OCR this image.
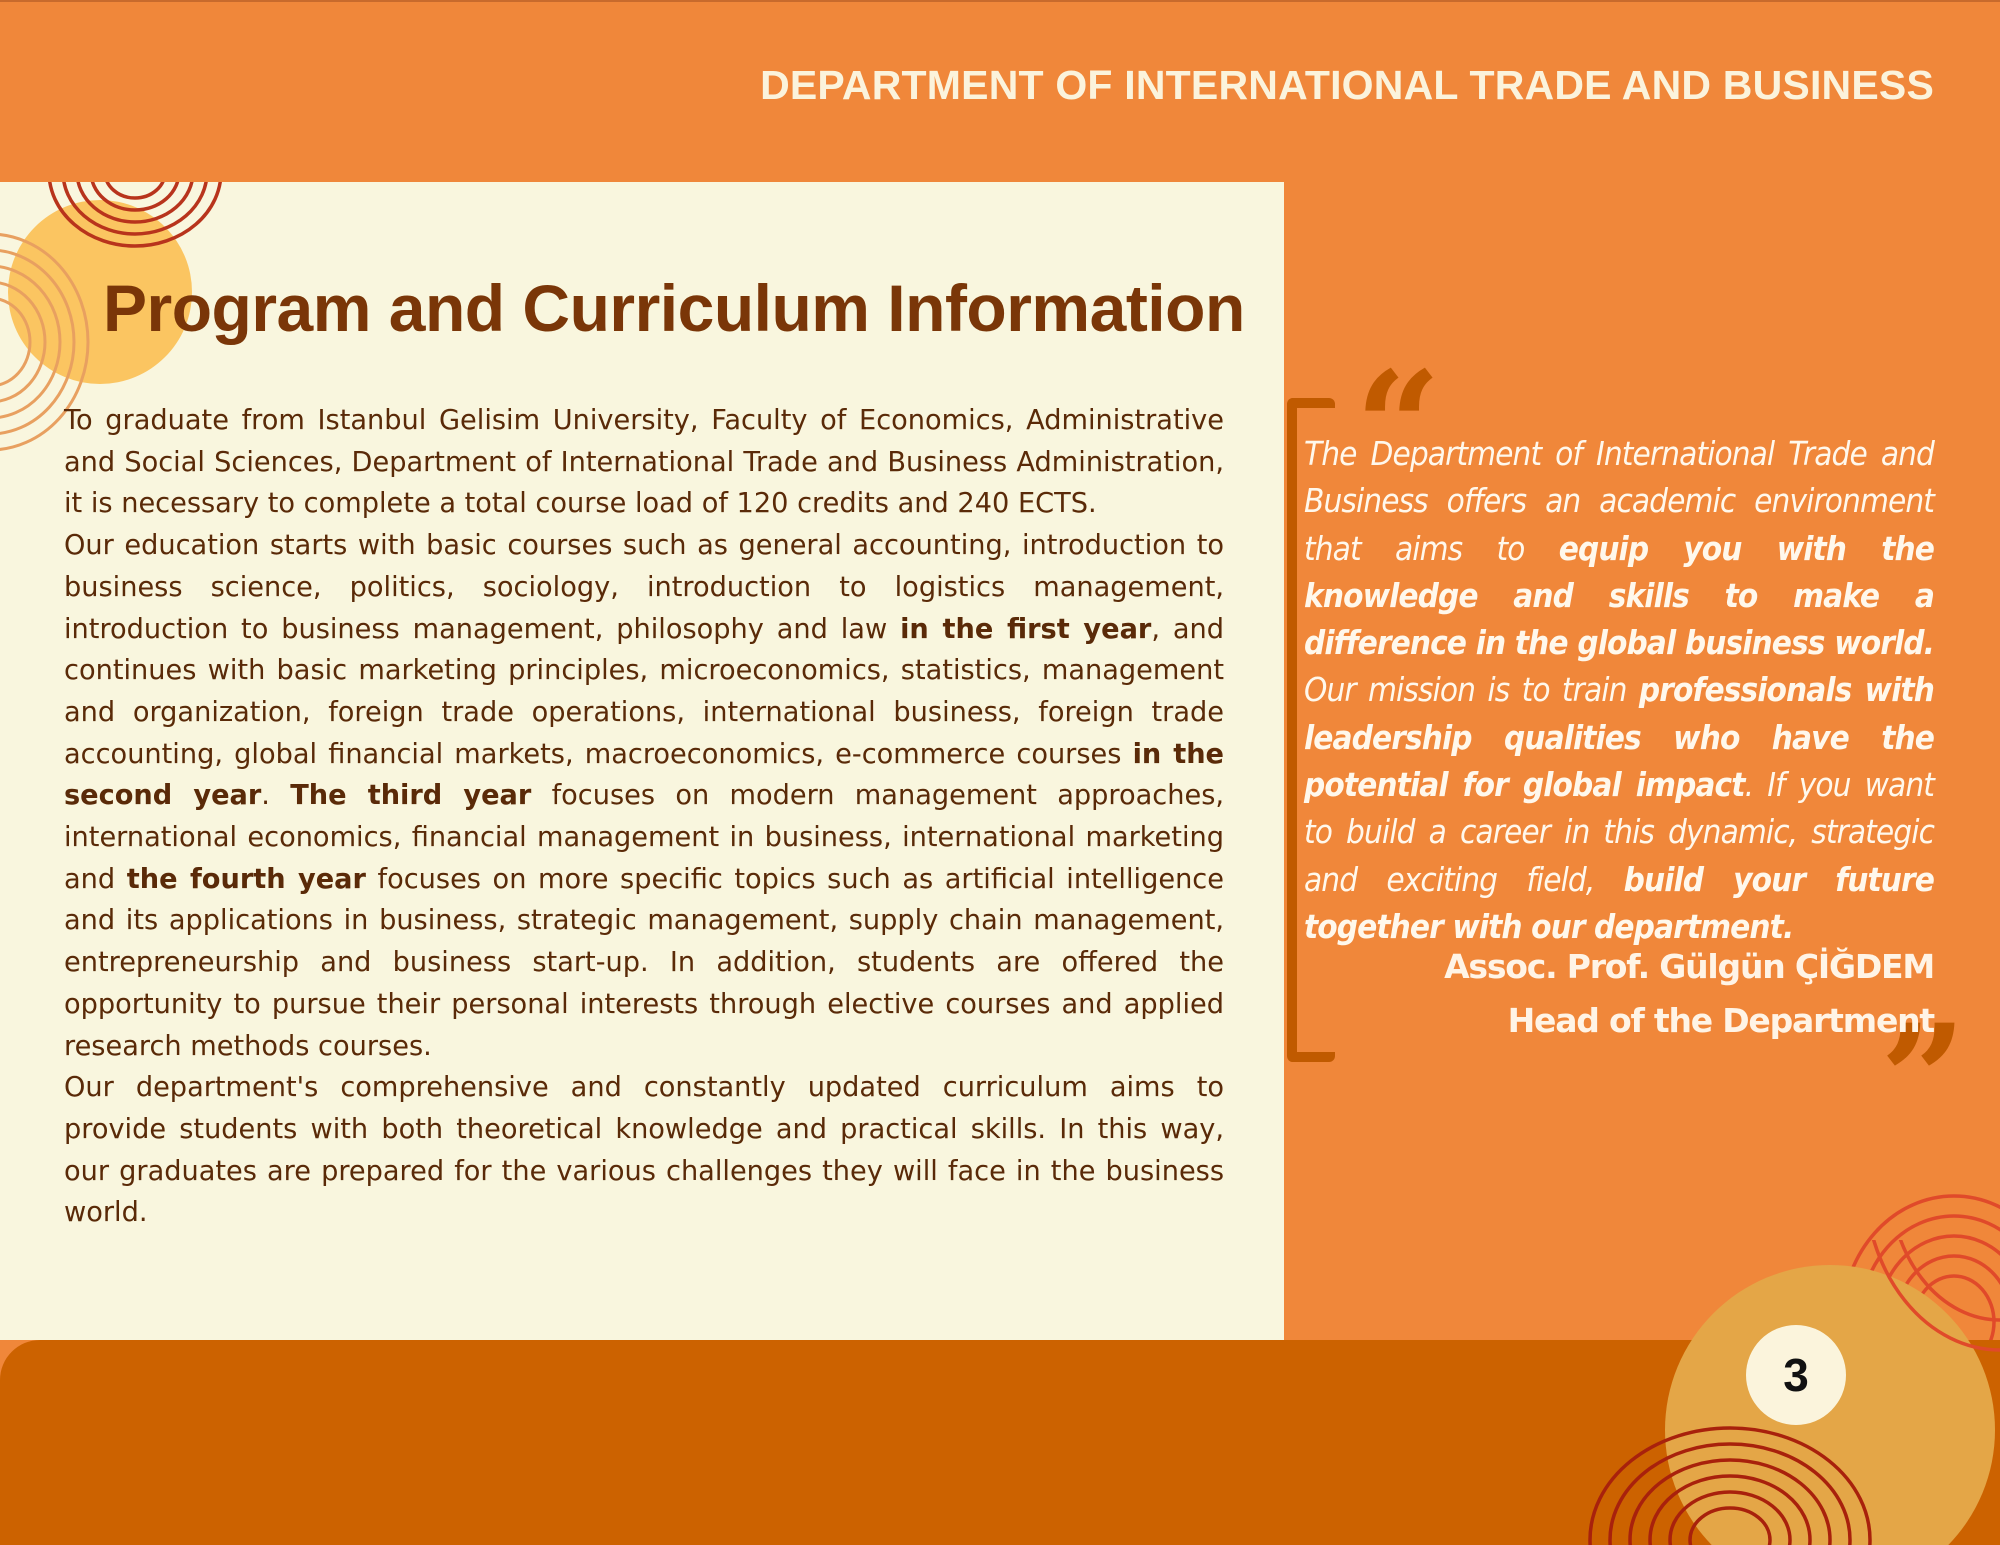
DEPARTMENT OF INTERNATIONAL TRADE AND BUSINESS
Program and Curriculum Information

To graduate from Istanbul Gelisim University, Faculty of Economics, Administrative and Social Sciences, Department of International Trade and Business Administration, it is necessary to complete a total course load of 120 credits and 240 ECTS.

Our education starts with basic courses such as general accounting, introduction to business science, politics, sociology, introduction to logistics management, introduction to business management, philosophy and law in the first year, and continues with basic marketing principles, microeconomics, statistics, management and organization, foreign trade operations, international business, foreign trade accounting, global financial markets, macroeconomics, e-commerce courses in the second year. The third year focuses on modern management approaches, international economics, financial management in business, international marketing and the fourth year focuses on more specific topics such as artificial intelligence and its applications in business, strategic management, supply chain management, entrepreneurship and business start-up. In addition, students are offered the opportunity to pursue their personal interests through elective courses and applied research methods courses.

Our department's comprehensive and constantly updated curriculum aims to provide students with both theoretical knowledge and practical skills. In this way, our graduates are prepared for the various challenges they will face in the business world.

“
”
The Department of International Trade and Business offers an academic environment that aims to equip you with the knowledge and skills to make a difference in the global business world. Our mission is to train professionals with leadership qualities who have the potential for global impact. If you want to build a career in this dynamic, strategic and exciting field, build your future together with our department.
Assoc. Prof. Gülgün ÇİĞDEM
Head of the Department
3
